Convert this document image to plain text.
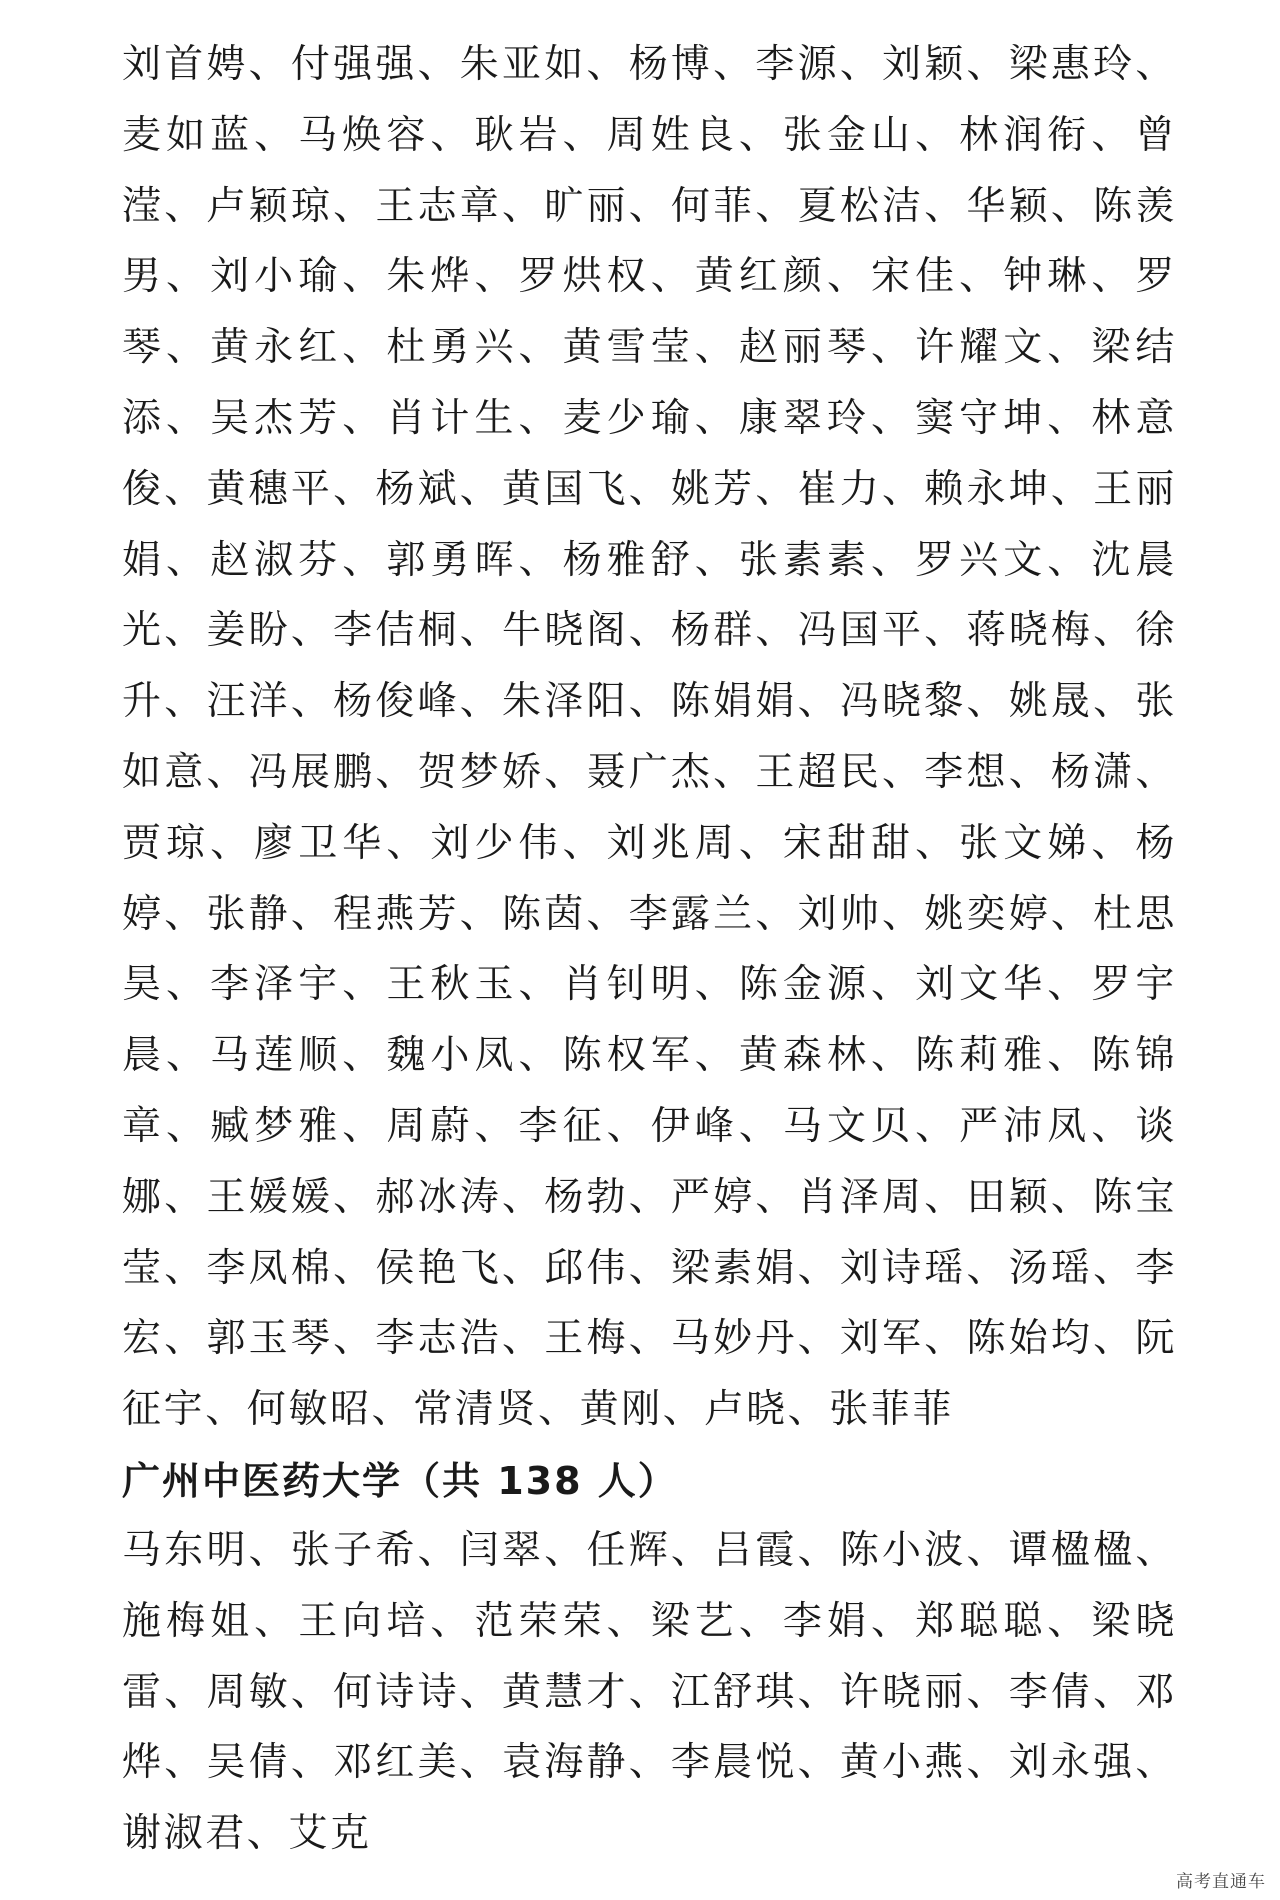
刘首娉、付强强、朱亚如、杨博、李源、刘颖、梁惠玲、麦如蓝、马焕容、耿岩、周姓良、张金山、林润衔、曾滢、卢颖琼、王志章、旷丽、何菲、夏松洁、华颖、陈羡男、刘小瑜、朱烨、罗烘权、黄红颜、宋佳、钟琳、罗琴、黄永红、杜勇兴、黄雪莹、赵丽琴、许耀文、梁结添、吴杰芳、肖计生、麦少瑜、康翠玲、窦守坤、林意俊、黄穗平、杨斌、黄国飞、姚芳、崔力、赖永坤、王丽娟、赵淑芬、郭勇晖、杨雅舒、张素素、罗兴文、沈晨光、姜盼、李佶桐、牛晓阁、杨群、冯国平、蒋晓梅、徐升、汪洋、杨俊峰、朱泽阳、陈娟娟、冯晓黎、姚晟、张如意、冯展鹏、贺梦娇、聂广杰、王超民、李想、杨潇、贾琼、廖卫华、刘少伟、刘兆周、宋甜甜、张文娣、杨婷、张静、程燕芳、陈茵、李露兰、刘帅、姚奕婷、杜思昊、李泽宇、王秋玉、肖钊明、陈金源、刘文华、罗宇晨、马莲顺、魏小凤、陈权军、黄森林、陈莉雅、陈锦章、臧梦雅、周蔚、李征、伊峰、马文贝、严沛凤、谈娜、王媛媛、郝冰涛、杨勃、严婷、肖泽周、田颖、陈宝莹、李凤棉、侯艳飞、邱伟、梁素娟、刘诗瑶、汤瑶、李宏、郭玉琴、李志浩、王梅、马妙丹、刘军、陈始均、阮征宇、何敏昭、常清贤、黄刚、卢晓、张菲菲

广州中医药大学（共 138 人）

马东明、张子希、闫翠、任辉、吕霞、陈小波、谭楹楹、施梅姐、王向培、范荣荣、梁艺、李娟、郑聪聪、梁晓雷、周敏、何诗诗、黄慧才、江舒琪、许晓丽、李倩、邓烨、吴倩、邓红美、袁海静、李晨悦、黄小燕、刘永强、谢淑君、艾克

高考直通车
